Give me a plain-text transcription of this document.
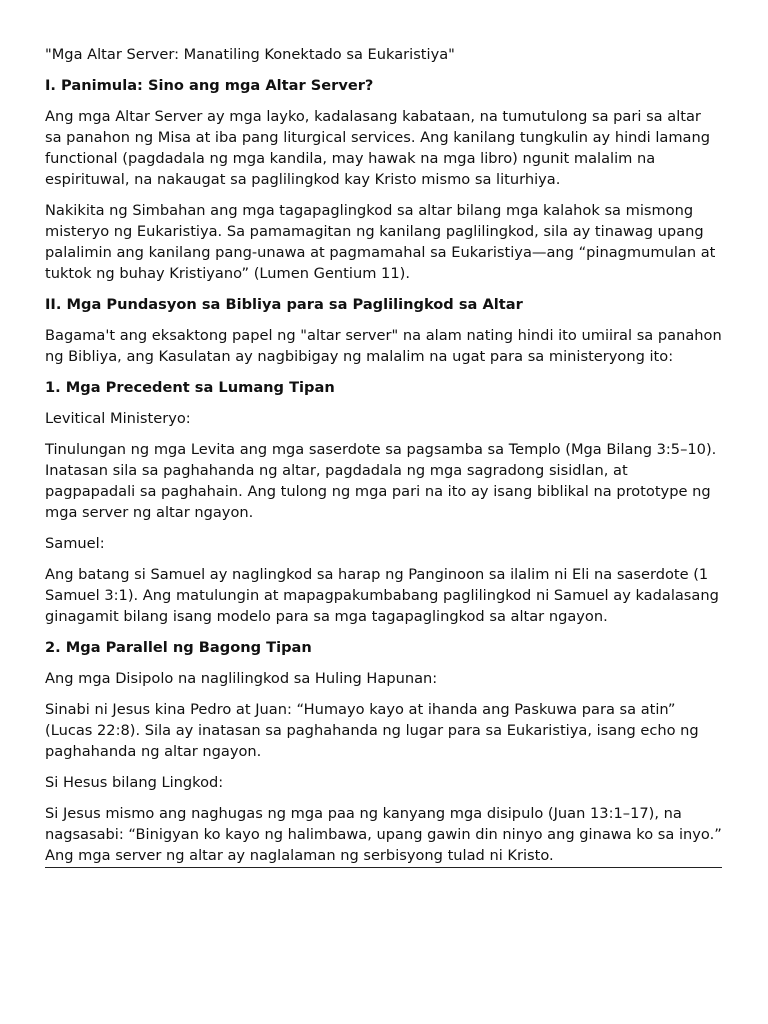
"Mga Altar Server: Manatiling Konektado sa Eukaristiya"

I. Panimula: Sino ang mga Altar Server?

Ang mga Altar Server ay mga layko, kadalasang kabataan, na tumutulong sa pari sa altar sa panahon ng Misa at iba pang liturgical services. Ang kanilang tungkulin ay hindi lamang functional (pagdadala ng mga kandila, may hawak na mga libro) ngunit malalim na espirituwal, na nakaugat sa paglilingkod kay Kristo mismo sa liturhiya.

Nakikita ng Simbahan ang mga tagapaglingkod sa altar bilang mga kalahok sa mismong misteryo ng Eukaristiya. Sa pamamagitan ng kanilang paglilingkod, sila ay tinawag upang palalimin ang kanilang pang-unawa at pagmamahal sa Eukaristiya—ang “pinagmumulan at tuktok ng buhay Kristiyano” (Lumen Gentium 11).

II. Mga Pundasyon sa Bibliya para sa Paglilingkod sa Altar

Bagama't ang eksaktong papel ng "altar server" na alam nating hindi ito umiiral sa panahon ng Bibliya, ang Kasulatan ay nagbibigay ng malalim na ugat para sa ministeryong ito:

1. Mga Precedent sa Lumang Tipan

Levitical Ministeryo:

Tinulungan ng mga Levita ang mga saserdote sa pagsamba sa Templo (Mga Bilang 3:5–10). Inatasan sila sa paghahanda ng altar, pagdadala ng mga sagradong sisidlan, at pagpapadali sa paghahain. Ang tulong ng mga pari na ito ay isang biblikal na prototype ng mga server ng altar ngayon.

Samuel:

Ang batang si Samuel ay naglingkod sa harap ng Panginoon sa ilalim ni Eli na saserdote (1 Samuel 3:1). Ang matulungin at mapagpakumbabang paglilingkod ni Samuel ay kadalasang ginagamit bilang isang modelo para sa mga tagapaglingkod sa altar ngayon.

2. Mga Parallel ng Bagong Tipan

Ang mga Disipolo na naglilingkod sa Huling Hapunan:

Sinabi ni Jesus kina Pedro at Juan: “Humayo kayo at ihanda ang Paskuwa para sa atin” (Lucas 22:8). Sila ay inatasan sa paghahanda ng lugar para sa Eukaristiya, isang echo ng paghahanda ng altar ngayon.

Si Hesus bilang Lingkod:

Si Jesus mismo ang naghugas ng mga paa ng kanyang mga disipulo (Juan 13:1–17), na nagsasabi: “Binigyan ko kayo ng halimbawa, upang gawin din ninyo ang ginawa ko sa inyo.” Ang mga server ng altar ay naglalaman ng serbisyong tulad ni Kristo.
